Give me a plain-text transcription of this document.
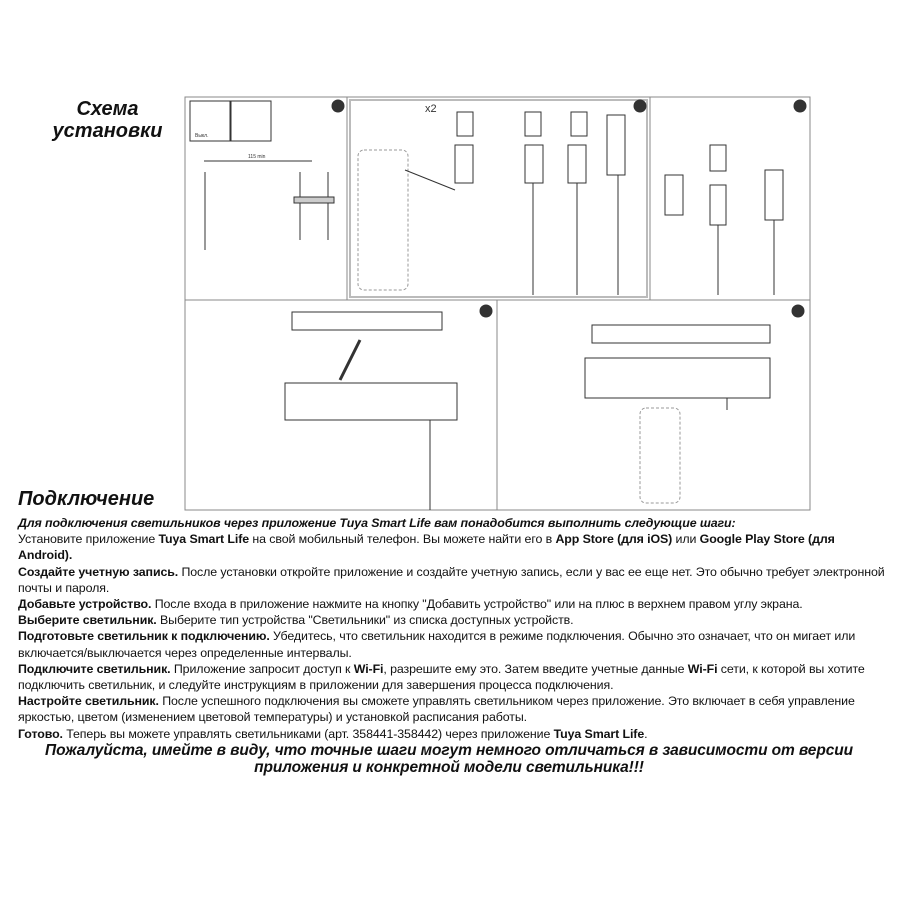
Схема
установки	Выкл.
115 min
x2
1	2	3
4	5
Подключение

Для подключения светильников через приложение Tuya Smart Life вам понадобится выполнить следующие шаги:

Установите приложение Tuya Smart Life на свой мобильный телефон. Вы можете найти его в App Store (для iOS) или Google Play Store (для Android).

Создайте учетную запись. После установки откройте приложение и создайте учетную запись, если у вас ее еще нет. Это обычно требует электронной почты и пароля.

Добавьте устройство. После входа в приложение нажмите на кнопку "Добавить устройство" или на плюс в верхнем правом углу экрана.

Выберите светильник. Выберите тип устройства "Светильники" из списка доступных устройств.

Подготовьте светильник к подключению. Убедитесь, что светильник находится в режиме подключения. Обычно это означает, что он мигает или включается/выключается через определенные интервалы.

Подключите светильник. Приложение запросит доступ к Wi-Fi, разрешите ему это. Затем введите учетные данные Wi-Fi сети, к которой вы хотите подключить светильник, и следуйте инструкциям в приложении для завершения процесса подключения.

Настройте светильник. После успешного подключения вы сможете управлять светильником через приложение. Это включает в себя управление яркостью, цветом (изменением цветовой температуры) и установкой расписания работы.

Готово. Теперь вы можете управлять светильниками (арт. 358441-358442) через приложение Tuya Smart Life.

Пожалуйста, имейте в виду, что точные шаги могут немного отличаться в зависимости от версии приложения и конкретной модели светильника!!!
